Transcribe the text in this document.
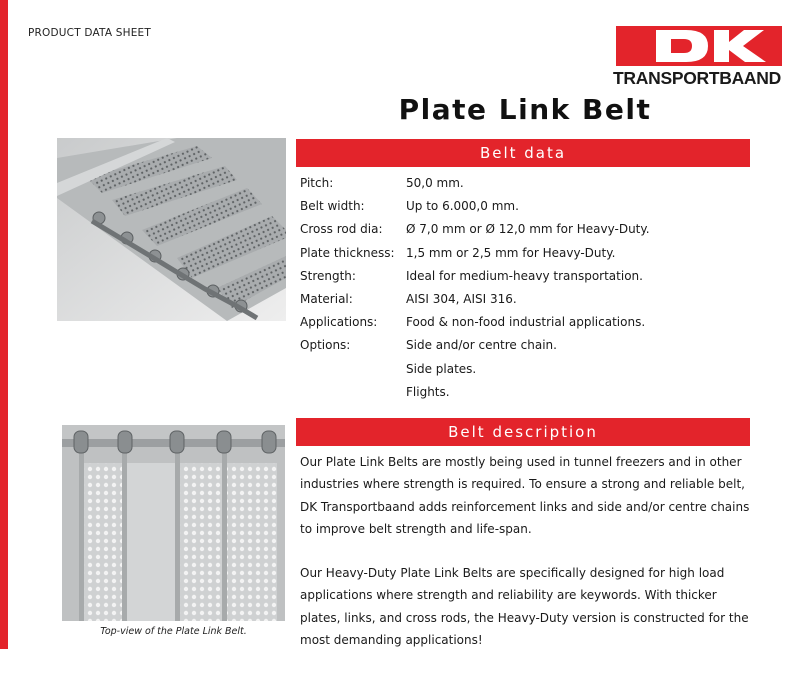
PRODUCT DATA SHEET
TRANSPORTBAAND
Plate Link Belt
Belt data
Pitch:	50,0 mm.
Belt width:	Up to 6.000,0 mm.
Cross rod dia:	Ø 7,0 mm or Ø 12,0 mm for Heavy-Duty.
Plate thickness: 1,5 mm or 2,5 mm for Heavy-Duty.
Strength:	Ideal for medium-heavy transportation.
Material:	AISI 304, AISI 316.
Applications:	Food & non-food industrial applications.
Options:	Side and/or centre chain.
Side plates.
Flights.
Belt description

Our Plate Link Belts are mostly being used in tunnel freezers and in other industries where strength is required. To ensure a strong and reliable belt, DK Transportbaand adds reinforcement links and side and/or centre chains to improve belt strength and life-span.

Our Heavy-Duty Plate Link Belts are specifically designed for high load applications where strength and reliability are keywords. With thicker plates, links, and cross rods, the Heavy-Duty version is constructed for the most demanding applications!

Top-view of the Plate Link Belt.
